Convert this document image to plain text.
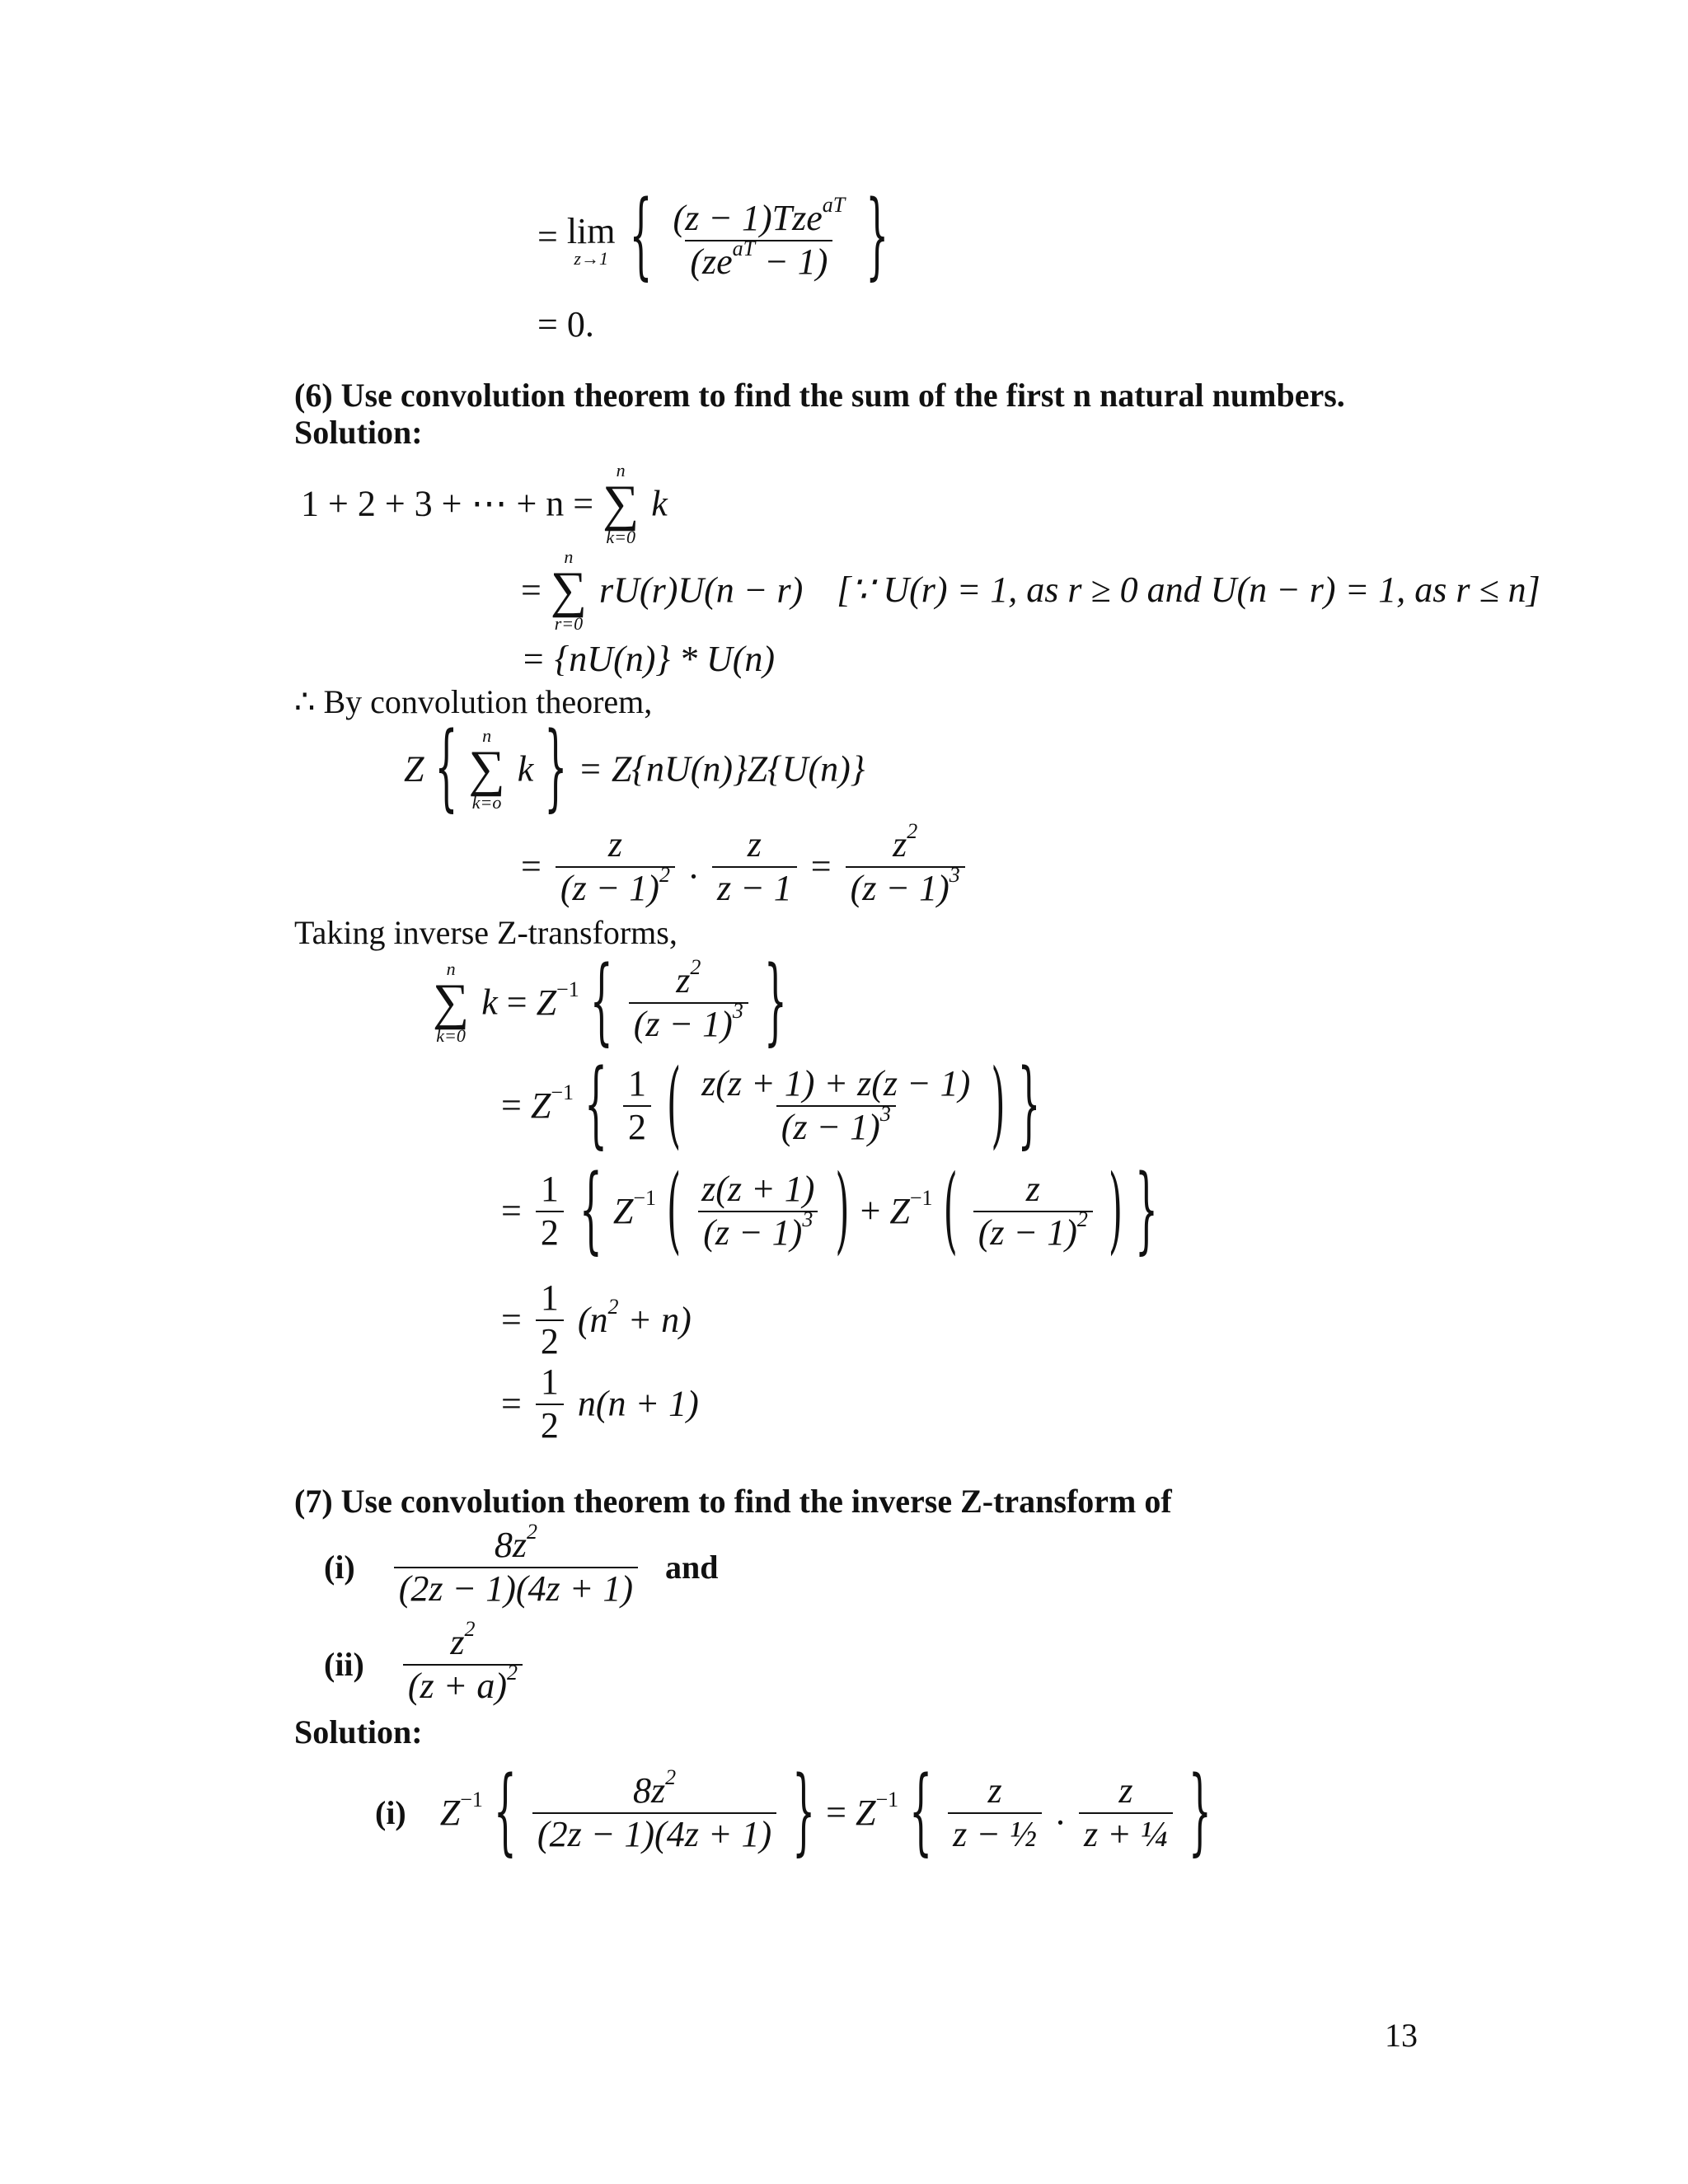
= lim
z→1 { $\frac{(z - 1)Tze^{aT}}{(ze^{aT} - 1)}$ }
= 0.
(6) Use convolution theorem to find the sum of the first n natural numbers.
Solution:
1 + 2 + 3 + ⋯ + n =
n
∑
k=0
k
=
n
∑
r=0
rU(r)U(n − r) [∵ U(r) = 1, as r ≥ 0 and U(n − r) = 1, as r ≤ n]
= {nU(n)} * U(n)
∴ By convolution theorem,
Z { n
∑
k=o
k } = Z{nU(n)}Z{U(n)}
= $\frac{z}{(z - 1)^2}$ . $\frac{z}{z - 1} = \frac{z^2}{(z - 1)^3}$
Taking inverse Z-transforms,
n
∑
k=0
$k = Z^{-1}$ { $\frac{z^2}{(z - 1)^3}$ }
= $Z^{-1}$ { $\frac{1}{2}$ ( $\frac{z(z + 1) + z(z - 1)}{(z - 1)^3}$ ) }
= $\frac{1}{2}$ { $Z^{-1}$ ( $\frac{z(z + 1)}{(z - 1)^3}$ ) + $Z^{-1}$ ( $\frac{z}{(z - 1)^2}$ ) }
= $\frac{1}{2} (n^2 + n)$
= $\frac{1}{2} n(n + 1)$
(7) Use convolution theorem to find the inverse Z-transform of
$(i) \frac{8z^2}{(2z - 1)(4z + 1)}$ and
$(ii) \frac{z^2}{(z + a)^2}$
Solution:
(i) $Z^{-1}$ { $\frac{8z^2}{(2z - 1)(4z + 1)}$ } = $Z^{-1}$ { $\frac{z}{\text{z − ½}}$ . $\frac{z}{\text{z + ¼}}$ }
13
